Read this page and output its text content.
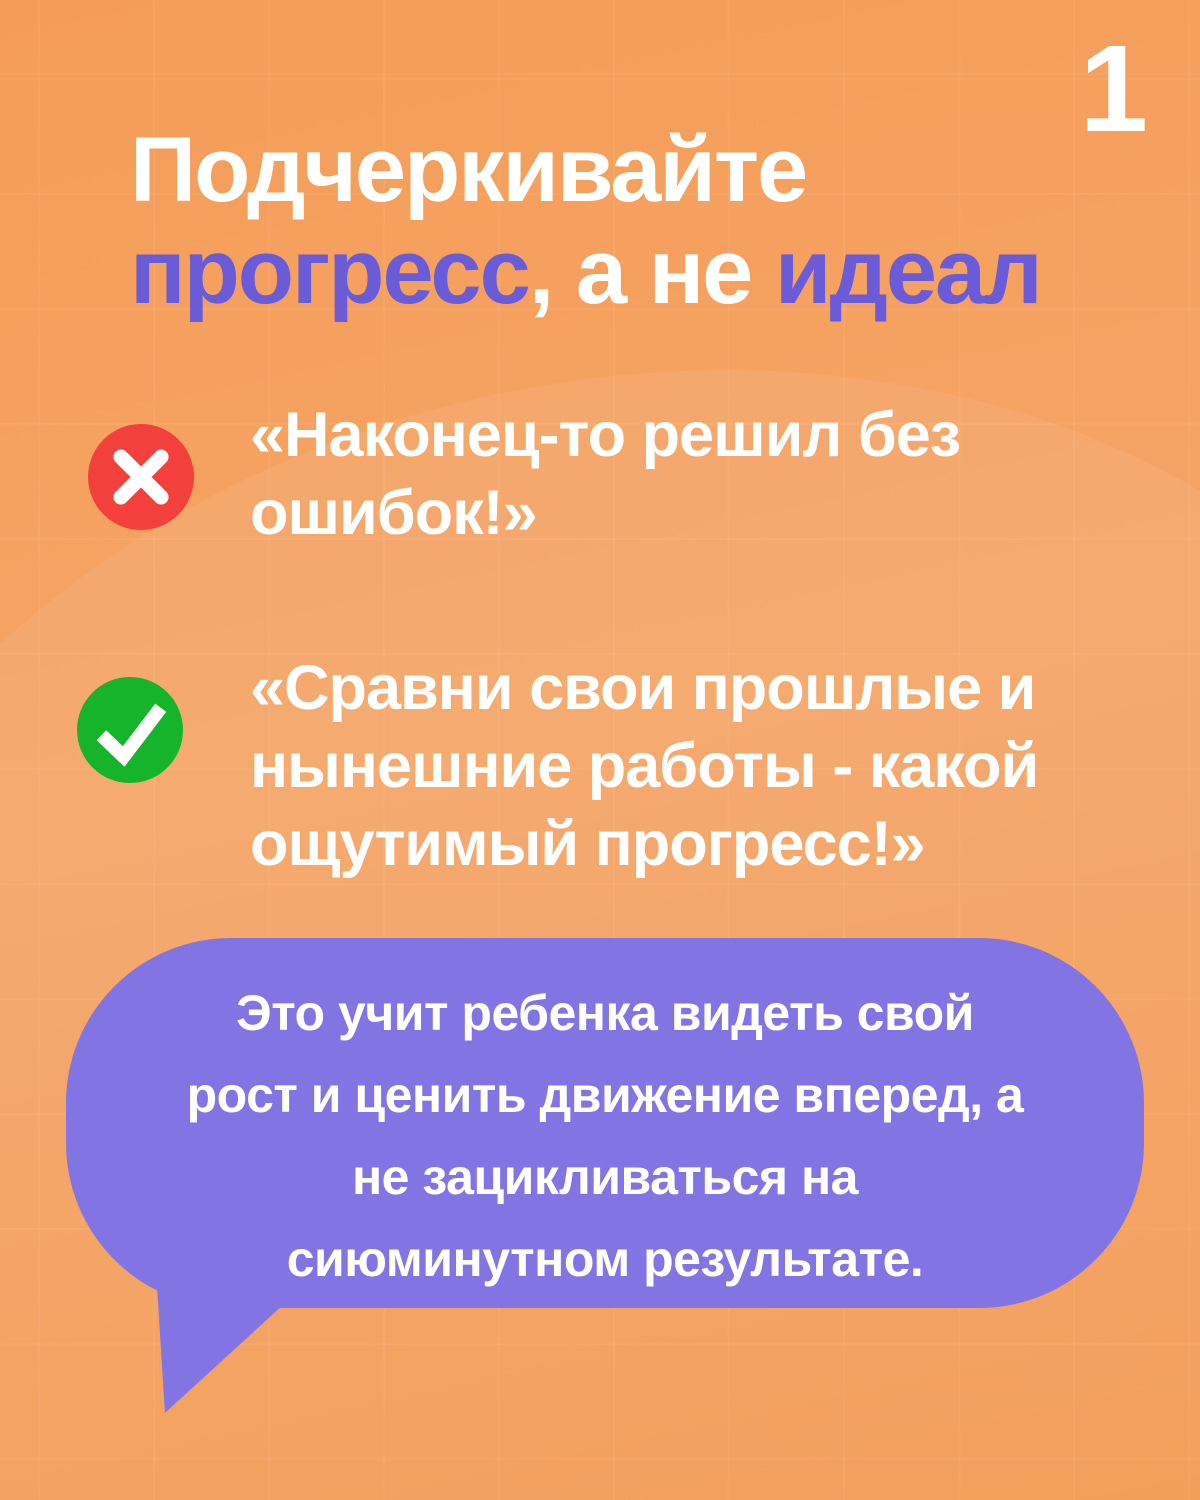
1
Подчеркивайте
прогресс, а не идеал
«Наконец-то решил без
ошибок!»
«Сравни свои прошлые и
нынешние работы - какой
ощутимый прогресс!»
Это учит ребенка видеть свой
рост и ценить движение вперед, а
не зацикливаться на
сиюминутном результате.
